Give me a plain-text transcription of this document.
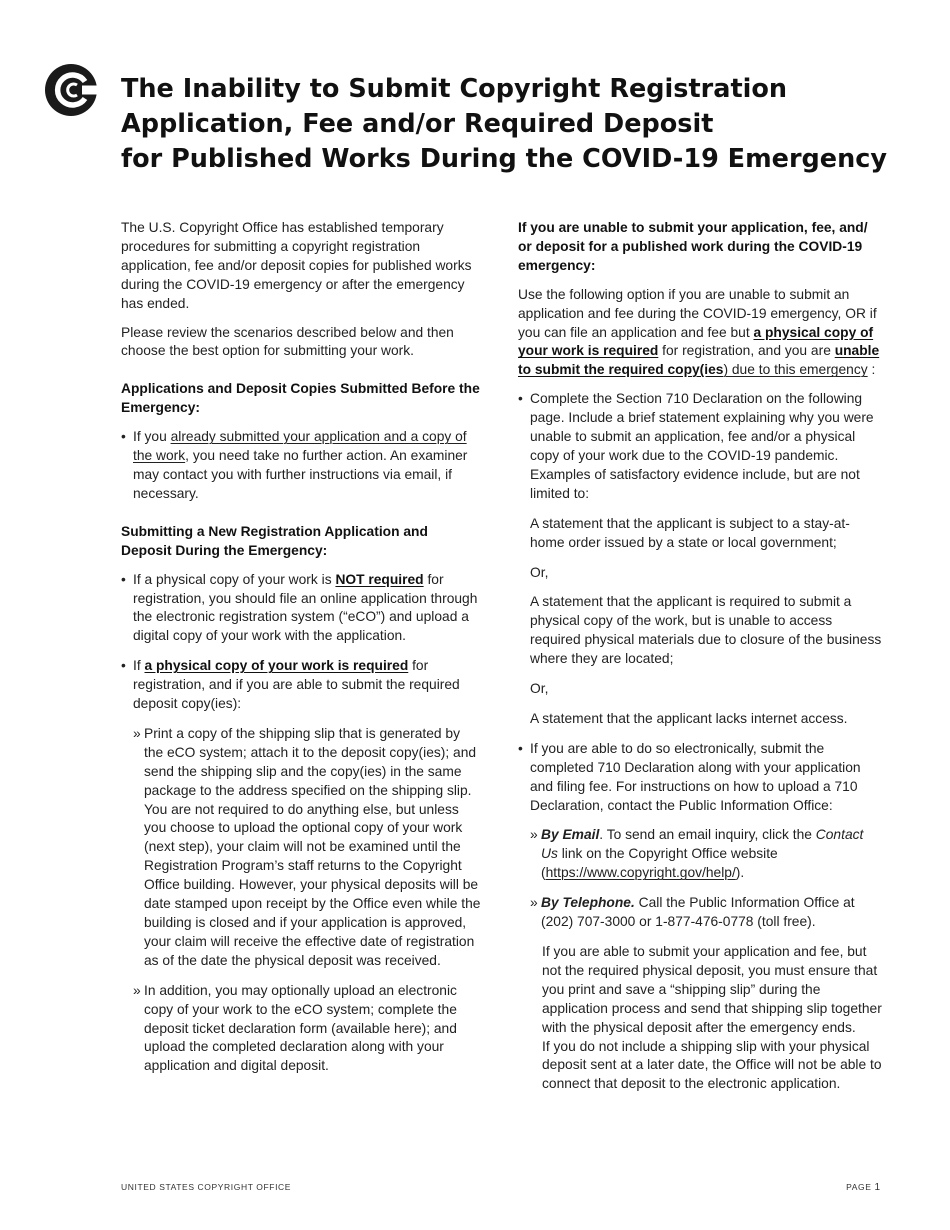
The Inability to Submit Copyright Registration
Application, Fee and/or Required Deposit
for Published Works During the COVID-19 Emergency

The U.S. Copyright Office has established temporary procedures for submitting a copyright registration application, fee and/or deposit copies for published works during the COVID-19 emergency or after the emergency has ended.

Please review the scenarios described below and then choose the best option for submitting your work.

Applications and Deposit Copies Submitted Before the Emergency:

• If you already submitted your application and a copy of the work, you need take no further action. An examiner may contact you with further instructions via email, if necessary.

Submitting a New Registration Application and Deposit During the Emergency:

• If a physical copy of your work is NOT required for registration, you should file an online application through the electronic registration system (“eCO”) and upload a digital copy of your work with the application.
• If a physical copy of your work is required for registration, and if you are able to submit the required deposit copy(ies):
» Print a copy of the shipping slip that is generated by the eCO system; attach it to the deposit copy(ies); and send the shipping slip and the copy(ies) in the same package to the address specified on the shipping slip. You are not required to do anything else, but unless you choose to upload the optional copy of your work (next step), your claim will not be examined until the Registration Program’s staff returns to the Copyright Office building. However, your physical deposits will be date stamped upon receipt by the Office even while the building is closed and if your application is approved, your claim will receive the effective date of registration as of the date the physical deposit was received.
» In addition, you may optionally upload an electronic copy of your work to the eCO system; complete the deposit ticket declaration form (available here); and upload the completed declaration along with your application and digital deposit.

If you are unable to submit your application, fee, and/ or deposit for a published work during the COVID-19 emergency:

Use the following option if you are unable to submit an application and fee during the COVID-19 emergency, OR if you can file an application and fee but a physical copy of your work is required for registration, and you are unable to submit the required copy(ies) due to this emergency :

• Complete the Section 710 Declaration on the following page. Include a brief statement explaining why you were unable to submit an application, fee and/or a physical copy of your work due to the COVID-19 pandemic. Examples of satisfactory evidence include, but are not limited to:

A statement that the applicant is subject to a stay-at-home order issued by a state or local government;

Or,

A statement that the applicant is required to submit a physical copy of the work, but is unable to access required physical materials due to closure of the business where they are located;

Or,

A statement that the applicant lacks internet access.

• If you are able to do so electronically, submit the completed 710 Declaration along with your application and filing fee. For instructions on how to upload a 710 Declaration, contact the Public Information Office:
» By Email. To send an email inquiry, click the Contact Us link on the Copyright Office website (https://www.copyright.gov/help/).
» By Telephone. Call the Public Information Office at (202) 707-3000 or 1-877-476-0778 (toll free).
If you are able to submit your application and fee, but not the required physical deposit, you must ensure that you print and save a “shipping slip” during the application process and send that shipping slip together with the physical deposit after the emergency ends.
If you do not include a shipping slip with your physical deposit sent at a later date, the Office will not be able to connect that deposit to the electronic application.
UNITED STATES COPYRIGHT OFFICE	PAGE 1
